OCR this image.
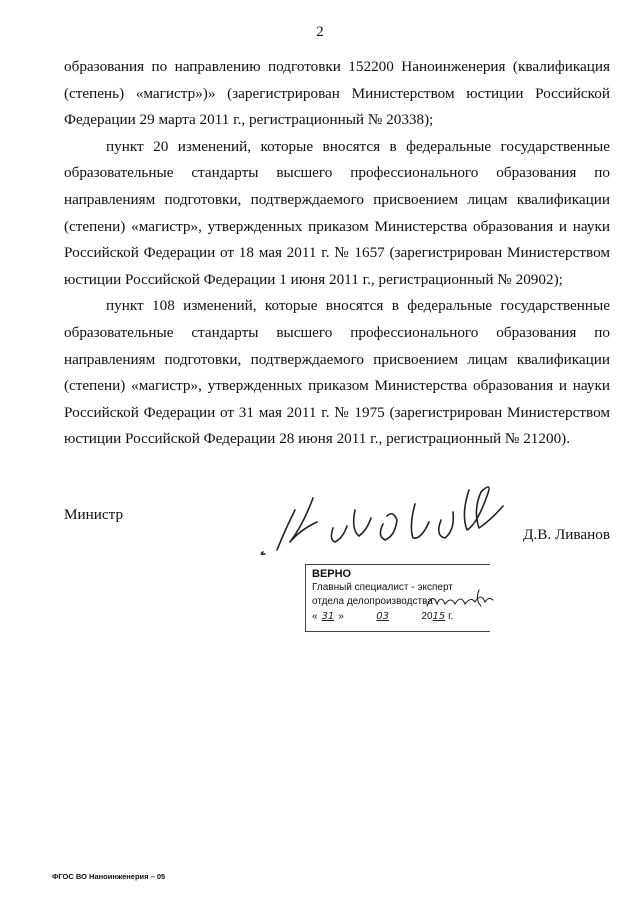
2

образования по направлению подготовки 152200 Наноинженерия (квалификация (степень) «магистр»)» (зарегистрирован Министерством юстиции Российской Федерации 29 марта 2011 г., регистрационный № 20338);

пункт 20 изменений, которые вносятся в федеральные государственные образовательные стандарты высшего профессионального образования по направлениям подготовки, подтверждаемого присвоением лицам квалификации (степени) «магистр», утвержденных приказом Министерства образования и науки Российской Федерации от 18 мая 2011 г. № 1657 (зарегистрирован Министерством юстиции Российской Федерации 1 июня 2011 г., регистрационный № 20902);

пункт 108 изменений, которые вносятся в федеральные государственные образовательные стандарты высшего профессионального образования по направлениям подготовки, подтверждаемого присвоением лицам квалификации (степени) «магистр», утвержденных приказом Министерства образования и науки Российской Федерации от 31 мая 2011 г. № 1975 (зарегистрирован Министерством юстиции Российской Федерации 28 июня 2011 г., регистрационный № 21200).

Министр
Д.В. Ливанов
ВЕРНО
Главный специалист - эксперт
отдела делопроизводства
« 31 »	03	2015 г.
ФГОС ВО Наноинженерия – 05
